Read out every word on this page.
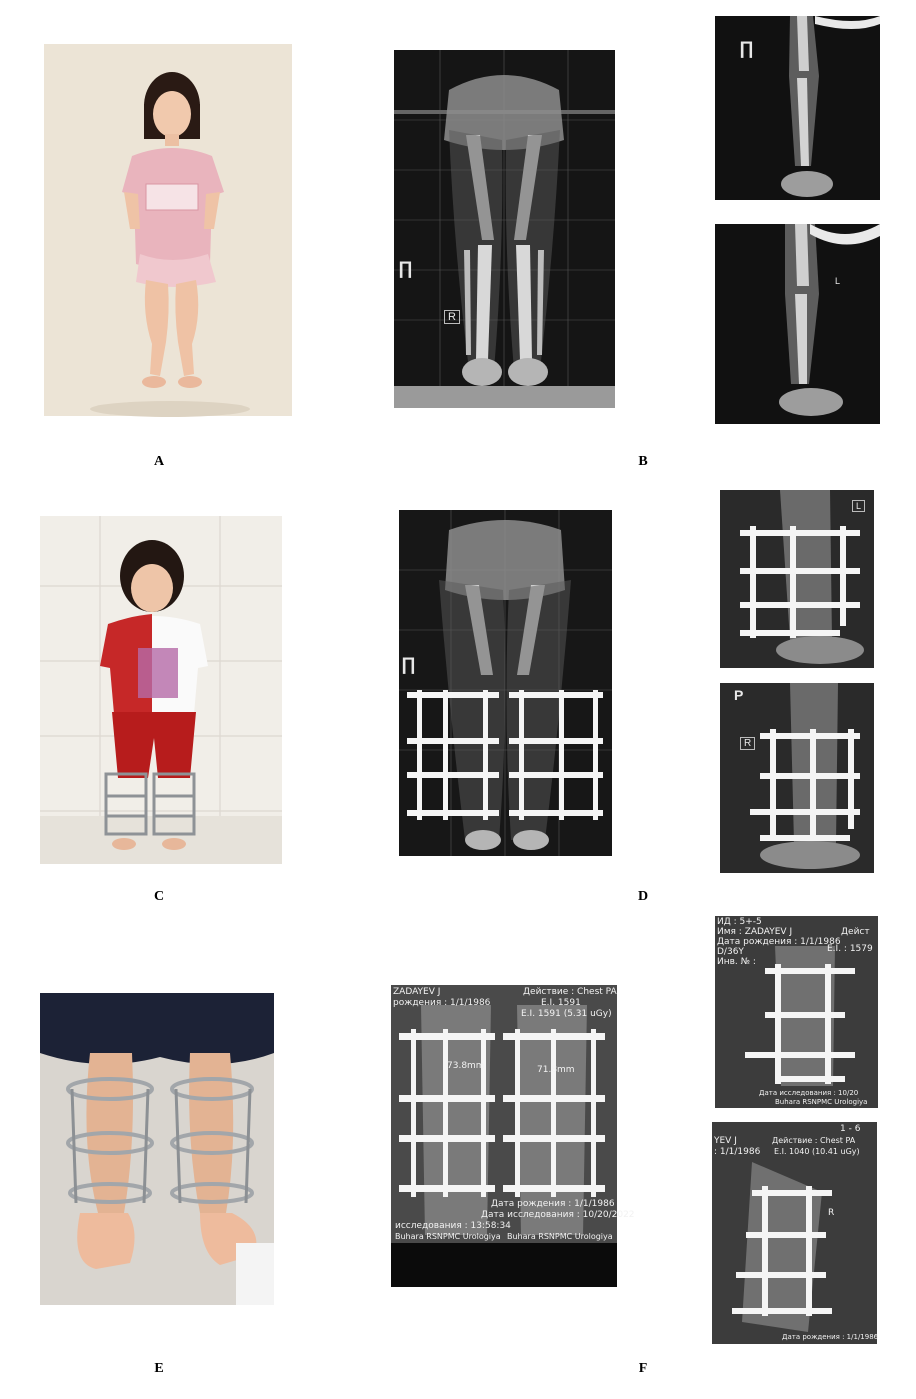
R
∏
∏
L
A	B
∏
L
P
R
C	D
ZADAYEV J
рождения : 1/1/1986
Действие : Chest PA
E.I. 1591
E.I. 1591 (5.31 uGy)
73.8mm	71.8mm
Дата рождения : 1/1/1986
Дата исследования : 10/20/2022
исследования : 13:58:34
Buhara RSNPMC Urologiya Buhara RSNPMC Urologiya
ИД : 5+-5
Имя : ZADAYEV J
Дата рождения : 1/1/1986
D/36Y
Инв. № :
Дейст
E.I. : 1579
Дата исследования : 10/20
Buhara RSNPMC Urologiya
YEV J
: 1/1/1986
1 - 6
Действие : Chest PA
E.I. 1040 (10.41 uGy)
R
Дата рождения : 1/1/1986
E	F
